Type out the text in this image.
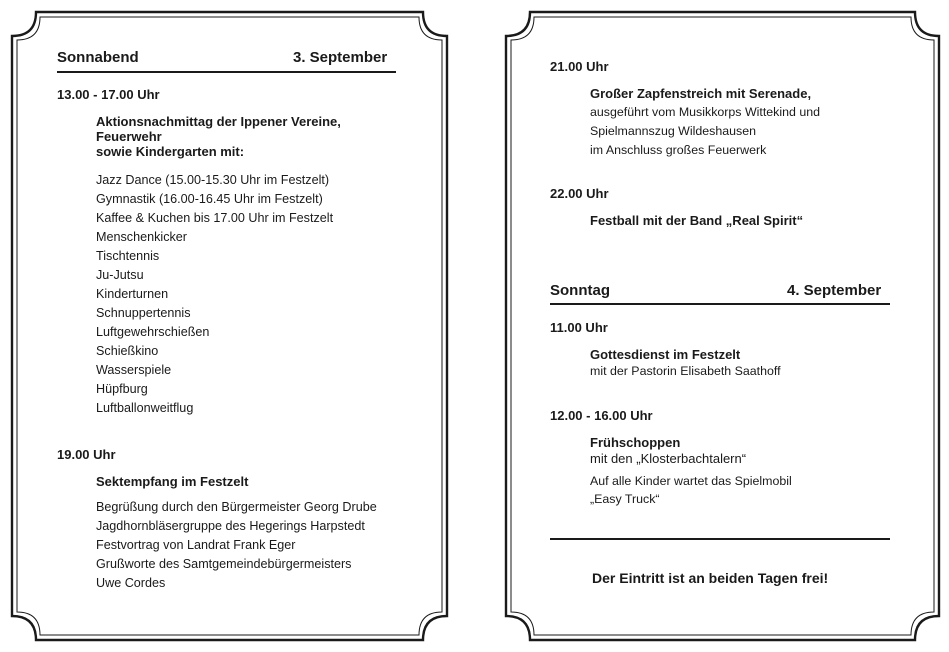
Sonnabend	3. September
13.00 - 17.00 Uhr
Aktionsnachmittag der Ippener Vereine,
Feuerwehr
sowie Kindergarten mit:
Jazz Dance (15.00-15.30 Uhr im Festzelt)
Gymnastik (16.00-16.45 Uhr im Festzelt)
Kaffee & Kuchen bis 17.00 Uhr im Festzelt
Menschenkicker
Tischtennis
Ju-Jutsu
Kinderturnen
Schnuppertennis
Luftgewehrschießen
Schießkino
Wasserspiele
Hüpfburg
Luftballonweitflug
19.00 Uhr
Sektempfang im Festzelt
Begrüßung durch den Bürgermeister Georg Drube
Jagdhornbläsergruppe des Hegerings Harpstedt
Festvortrag von Landrat Frank Eger
Grußworte des Samtgemeindebürgermeisters
Uwe Cordes
21.00 Uhr
Großer Zapfenstreich mit Serenade,
ausgeführt vom Musikkorps Wittekind und
Spielmannszug Wildeshausen
im Anschluss großes Feuerwerk
22.00 Uhr
Festball mit der Band „Real Spirit“
Sonntag	4. September
11.00 Uhr
Gottesdienst im Festzelt
mit der Pastorin Elisabeth Saathoff
12.00 - 16.00 Uhr
Frühschoppen
mit den „Klosterbachtalern“
Auf alle Kinder wartet das Spielmobil
„Easy Truck“
Der Eintritt ist an beiden Tagen frei!
